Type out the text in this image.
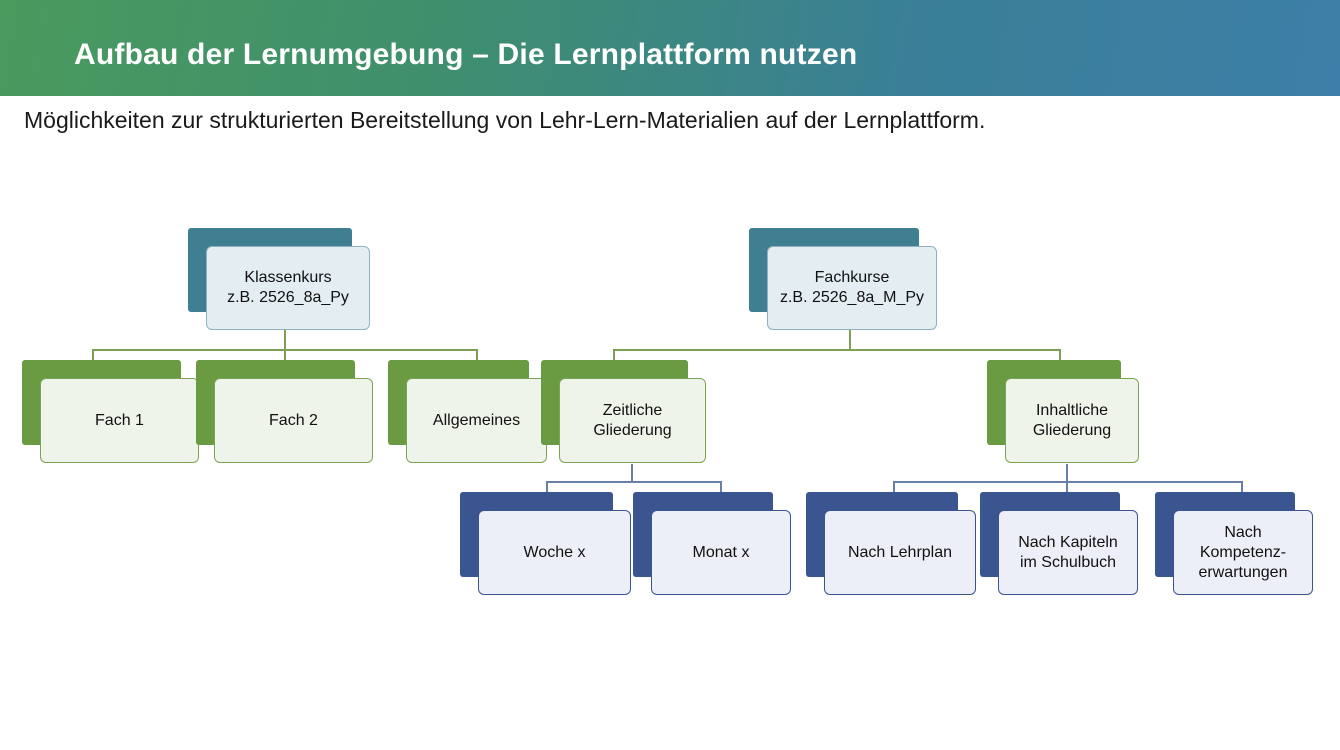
Aufbau der Lernumgebung – Die Lernplattform nutzen
Möglichkeiten zur strukturierten Bereitstellung von Lehr-Lern-Materialien auf der Lernplattform.
Klassenkurs
z.B. 2526_8a_Py
Fachkurse
z.B. 2526_8a_M_Py
Fach 1	Fach 2	Allgemeines
Zeitliche
Gliederung
Inhaltliche
Gliederung
Woche x	Monat x	Nach Lehrplan
Nach Kapiteln
im Schulbuch
Nach
Kompetenz-
erwartungen
